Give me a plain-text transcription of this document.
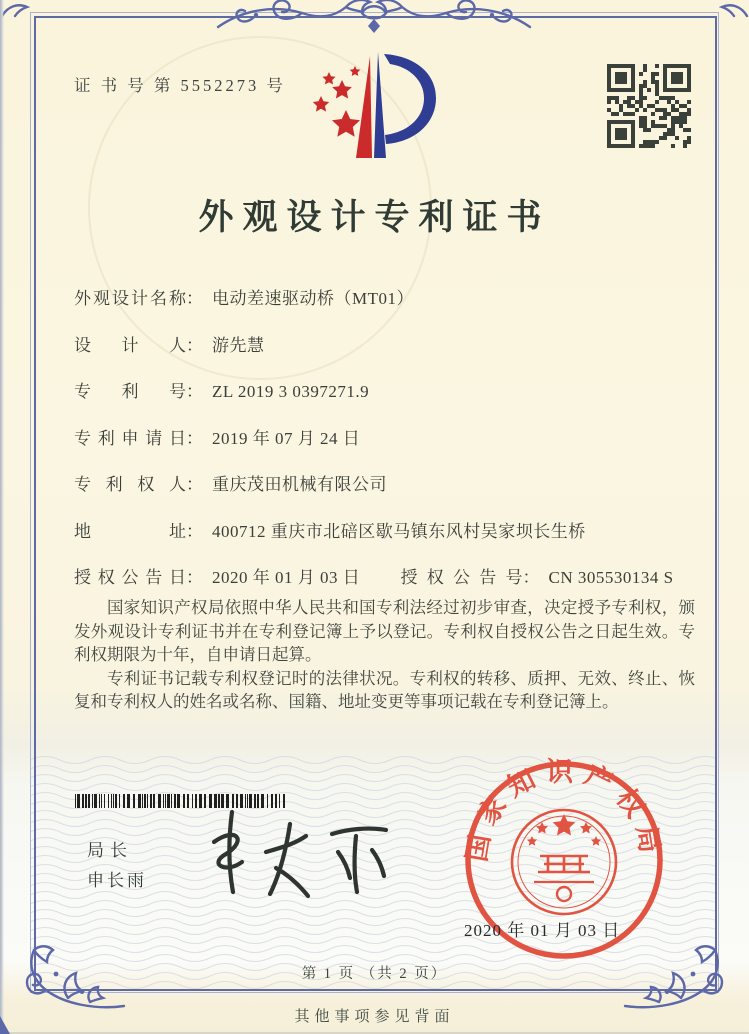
证 书 号 第 5552273 号
外观设计专利证书
外观设计名称： 电动差速驱动桥（MT01）
设计人： 游先慧
专利号： ZL 2019 3 0397271.9
专利申请日： 2019 年 07 月 24 日
专利权人： 重庆茂田机械有限公司
地址： 400712 重庆市北碚区歇马镇东风村吴家坝长生桥
授权公告日： 2020 年 01 月 03 日 授权公告号： CN 305530134 S

国家知识产权局依照中华人民共和国专利法经过初步审查，决定授予专利权，颁发外观设计专利证书并在专利登记簿上予以登记。专利权自授权公告之日起生效。专利权期限为十年，自申请日起算。

专利证书记载专利权登记时的法律状况。专利权的转移、质押、无效、终止、恢复和专利权人的姓名或名称、国籍、地址变更等事项记载在专利登记簿上。

局长
申长雨
国家知识产权局
2020 年 01 月 03 日
第 1 页 （共 2 页）
其他事项参见背面
